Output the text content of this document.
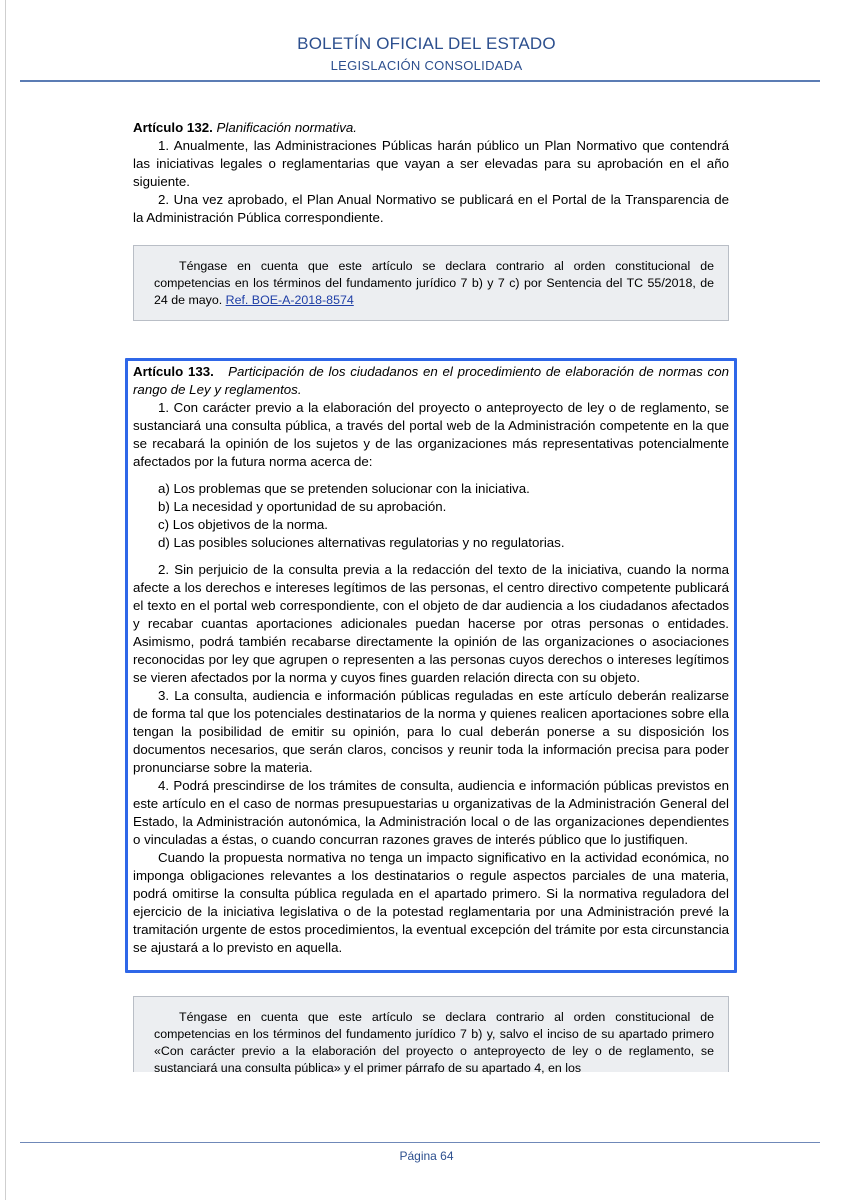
BOLETÍN OFICIAL DEL ESTADO
LEGISLACIÓN CONSOLIDADA

Artículo 132. Planificación normativa.

1. Anualmente, las Administraciones Públicas harán público un Plan Normativo que contendrá las iniciativas legales o reglamentarias que vayan a ser elevadas para su aprobación en el año siguiente.

2. Una vez aprobado, el Plan Anual Normativo se publicará en el Portal de la Transparencia de la Administración Pública correspondiente.

Téngase en cuenta que este artículo se declara contrario al orden constitucional de competencias en los términos del fundamento jurídico 7 b) y 7 c) por Sentencia del TC 55/2018, de 24 de mayo. Ref. BOE-A-2018-8574

Artículo 133. Participación de los ciudadanos en el procedimiento de elaboración de normas con rango de Ley y reglamentos.

1. Con carácter previo a la elaboración del proyecto o anteproyecto de ley o de reglamento, se sustanciará una consulta pública, a través del portal web de la Administración competente en la que se recabará la opinión de los sujetos y de las organizaciones más representativas potencialmente afectados por la futura norma acerca de:

a) Los problemas que se pretenden solucionar con la iniciativa.

b) La necesidad y oportunidad de su aprobación.

c) Los objetivos de la norma.

d) Las posibles soluciones alternativas regulatorias y no regulatorias.

2. Sin perjuicio de la consulta previa a la redacción del texto de la iniciativa, cuando la norma afecte a los derechos e intereses legítimos de las personas, el centro directivo competente publicará el texto en el portal web correspondiente, con el objeto de dar audiencia a los ciudadanos afectados y recabar cuantas aportaciones adicionales puedan hacerse por otras personas o entidades. Asimismo, podrá también recabarse directamente la opinión de las organizaciones o asociaciones reconocidas por ley que agrupen o representen a las personas cuyos derechos o intereses legítimos se vieren afectados por la norma y cuyos fines guarden relación directa con su objeto.

3. La consulta, audiencia e información públicas reguladas en este artículo deberán realizarse de forma tal que los potenciales destinatarios de la norma y quienes realicen aportaciones sobre ella tengan la posibilidad de emitir su opinión, para lo cual deberán ponerse a su disposición los documentos necesarios, que serán claros, concisos y reunir toda la información precisa para poder pronunciarse sobre la materia.

4. Podrá prescindirse de los trámites de consulta, audiencia e información públicas previstos en este artículo en el caso de normas presupuestarias u organizativas de la Administración General del Estado, la Administración autonómica, la Administración local o de las organizaciones dependientes o vinculadas a éstas, o cuando concurran razones graves de interés público que lo justifiquen.

Cuando la propuesta normativa no tenga un impacto significativo en la actividad económica, no imponga obligaciones relevantes a los destinatarios o regule aspectos parciales de una materia, podrá omitirse la consulta pública regulada en el apartado primero. Si la normativa reguladora del ejercicio de la iniciativa legislativa o de la potestad reglamentaria por una Administración prevé la tramitación urgente de estos procedimientos, la eventual excepción del trámite por esta circunstancia se ajustará a lo previsto en aquella.

Téngase en cuenta que este artículo se declara contrario al orden constitucional de competencias en los términos del fundamento jurídico 7 b) y, salvo el inciso de su apartado primero «Con carácter previo a la elaboración del proyecto o anteproyecto de ley o de reglamento, se sustanciará una consulta pública» y el primer párrafo de su apartado 4, en los

Página 64
